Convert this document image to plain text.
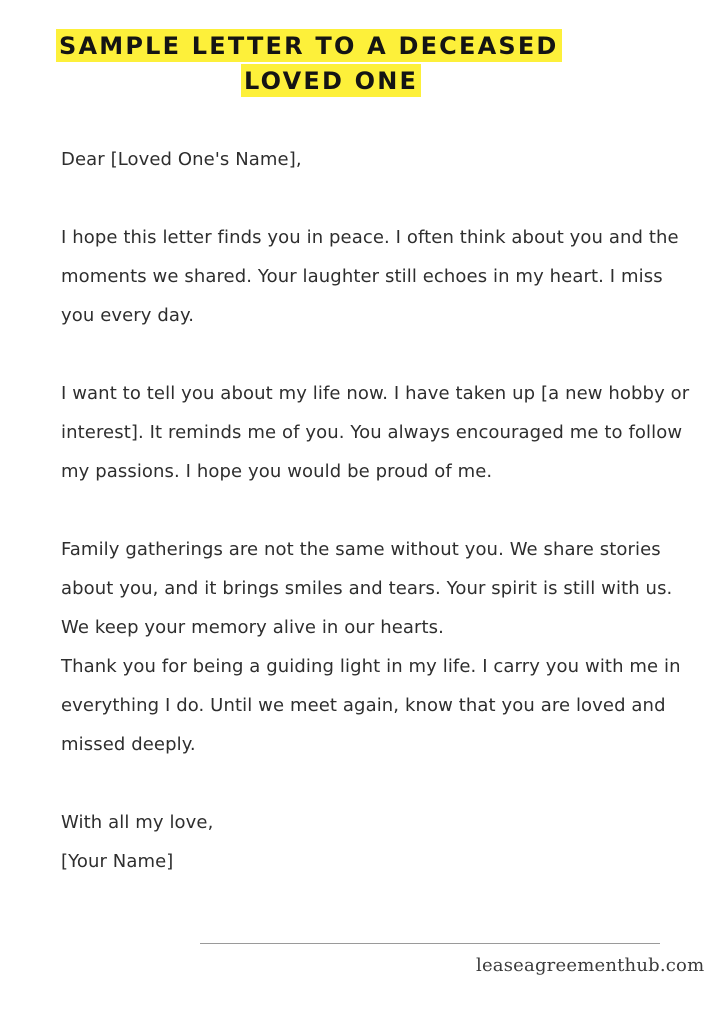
SAMPLE LETTER TO A DECEASED
LOVED ONE

Dear [Loved One's Name],

I hope this letter finds you in peace. I often think about you and the moments we shared. Your laughter still echoes in my heart. I miss you every day.

I want to tell you about my life now. I have taken up [a new hobby or interest]. It reminds me of you. You always encouraged me to follow my passions. I hope you would be proud of me.

Family gatherings are not the same without you. We share stories about you, and it brings smiles and tears. Your spirit is still with us. We keep your memory alive in our hearts.

Thank you for being a guiding light in my life. I carry you with me in everything I do. Until we meet again, know that you are loved and missed deeply.

With all my love,

[Your Name]

leaseagreementhub.com
